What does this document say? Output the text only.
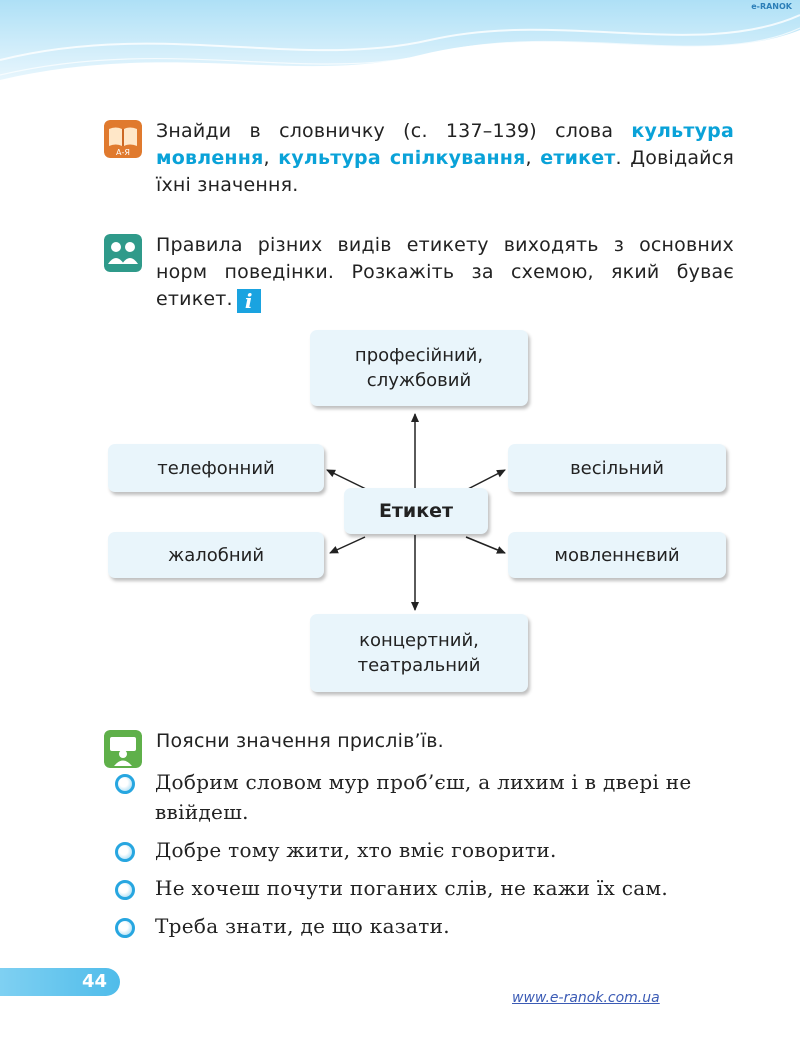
e-RANOK
А-Я
Знайди в словничку (с. 137–139) слова культура мовлення, культура спілкування, етикет. Довідайся їхні значення.
Правила різних видів етикету виходять з основних норм поведінки. Розкажіть за схемою, який буває етикет. i
професійний,
службовий
телефонний	весільний
Етикет
жалобний	мовленнєвий
концертний,
театральний
Поясни значення прислів’їв.
Добрим словом мур проб’єш, а лихим і в двері не ввійдеш.
Добре тому жити, хто вміє говорити.
Не хочеш почути поганих слів, не кажи їх сам.
Треба знати, де що казати.
44
www.e-ranok.com.ua
